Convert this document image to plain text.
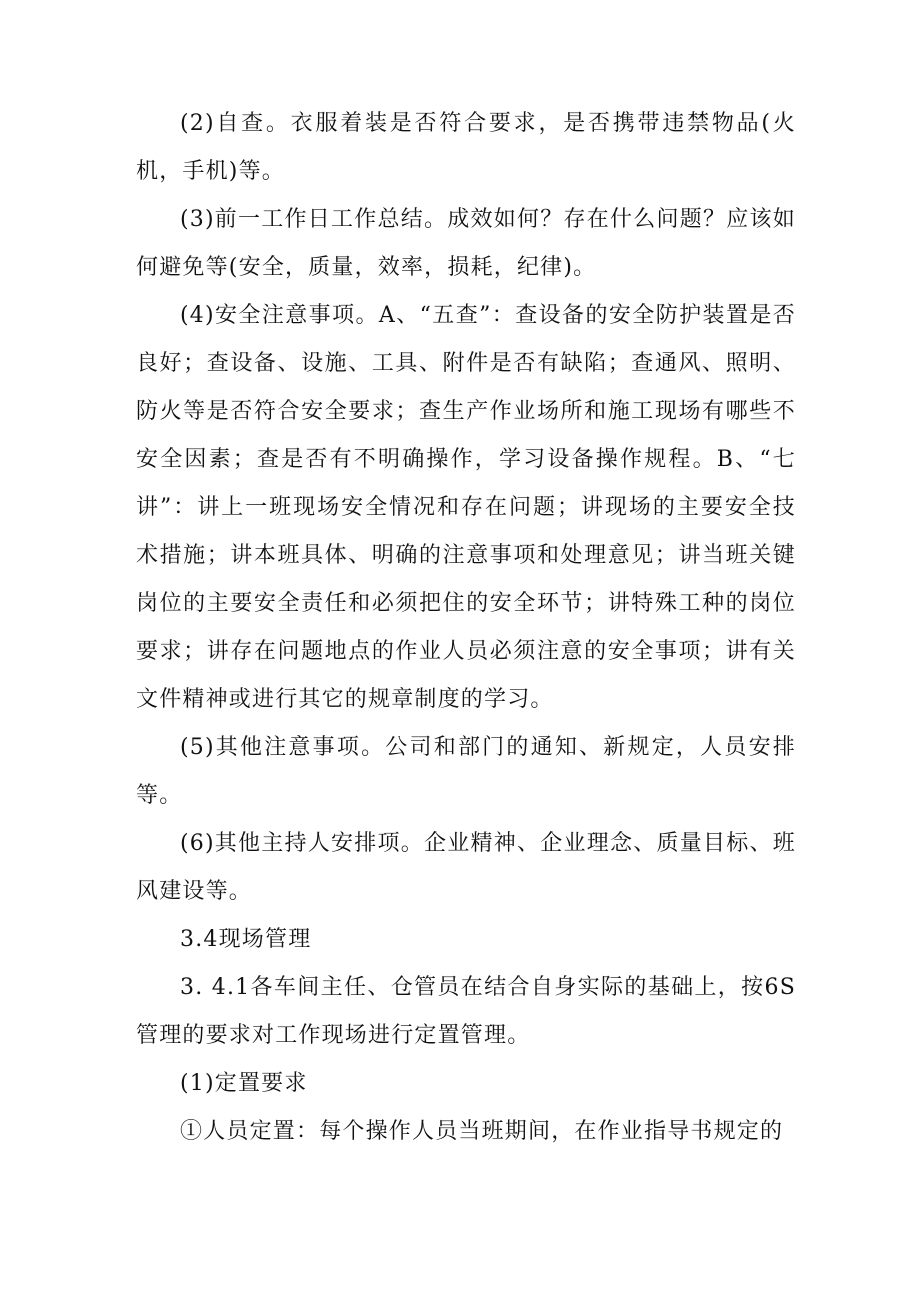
(2)自查。衣服着装是否符合要求，是否携带违禁物品(火机，手机)等。

(3)前一工作日工作总结。成效如何？存在什么问题？应该如何避免等(安全，质量，效率，损耗，纪律)。

(4)安全注意事项。A、“五查”：查设备的安全防护装置是否良好；查设备、设施、工具、附件是否有缺陷；查通风、照明、防火等是否符合安全要求；查生产作业场所和施工现场有哪些不安全因素；查是否有不明确操作，学习设备操作规程。B、“七讲”：讲上一班现场安全情况和存在问题；讲现场的主要安全技术措施；讲本班具体、明确的注意事项和处理意见；讲当班关键岗位的主要安全责任和必须把住的安全环节；讲特殊工种的岗位要求；讲存在问题地点的作业人员必须注意的安全事项；讲有关文件精神或进行其它的规章制度的学习。

(5)其他注意事项。公司和部门的通知、新规定，人员安排等。

(6)其他主持人安排项。企业精神、企业理念、质量目标、班风建设等。

3.4现场管理

3. 4.1各车间主任、仓管员在结合自身实际的基础上，按6S管理的要求对工作现场进行定置管理。

(1)定置要求

①人员定置：每个操作人员当班期间，在作业指导书规定的
